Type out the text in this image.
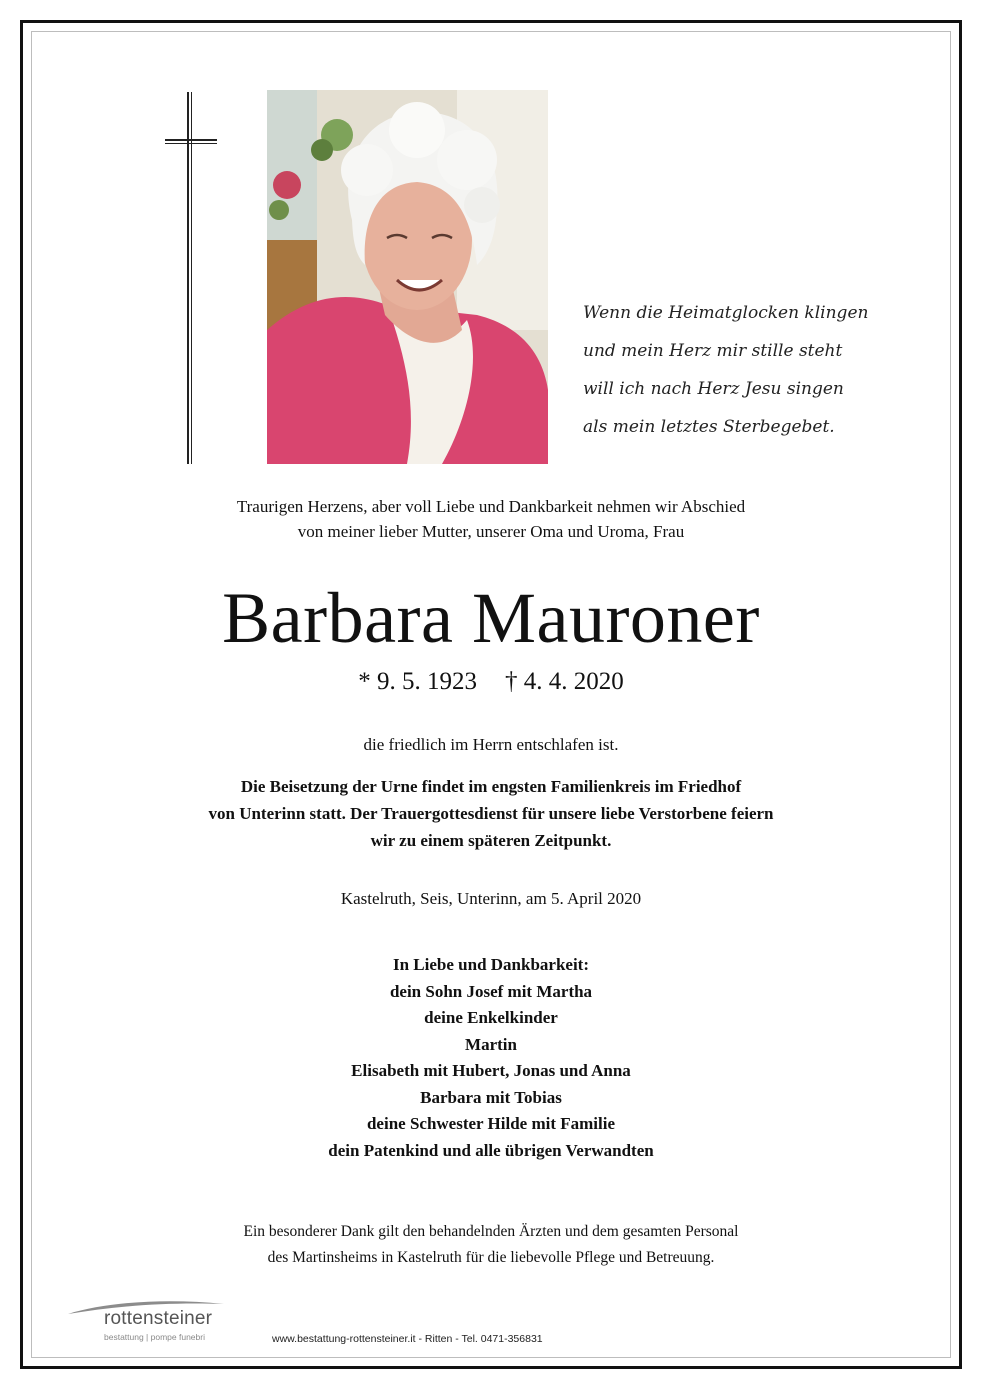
Wenn die Heimatglocken klingen
und mein Herz mir stille steht
will ich nach Herz Jesu singen
als mein letztes Sterbegebet.
Traurigen Herzens, aber voll Liebe und Dankbarkeit nehmen wir Abschied
von meiner lieber Mutter, unserer Oma und Uroma, Frau
Barbara Mauroner
* 9. 5. 1923 † 4. 4. 2020
die friedlich im Herrn entschlafen ist.
Die Beisetzung der Urne findet im engsten Familienkreis im Friedhof
von Unterinn statt. Der Trauergottesdienst für unsere liebe Verstorbene feiern
wir zu einem späteren Zeitpunkt.
Kastelruth, Seis, Unterinn, am 5. April 2020
In Liebe und Dankbarkeit:
dein Sohn Josef mit Martha
deine Enkelkinder
Martin
Elisabeth mit Hubert, Jonas und Anna
Barbara mit Tobias
deine Schwester Hilde mit Familie
dein Patenkind und alle übrigen Verwandten
Ein besonderer Dank gilt den behandelnden Ärzten und dem gesamten Personal
des Martinsheims in Kastelruth für die liebevolle Pflege und Betreuung.
rottensteiner
bestattung | pompe funebri	www.bestattung-rottensteiner.it - Ritten - Tel. 0471-356831
